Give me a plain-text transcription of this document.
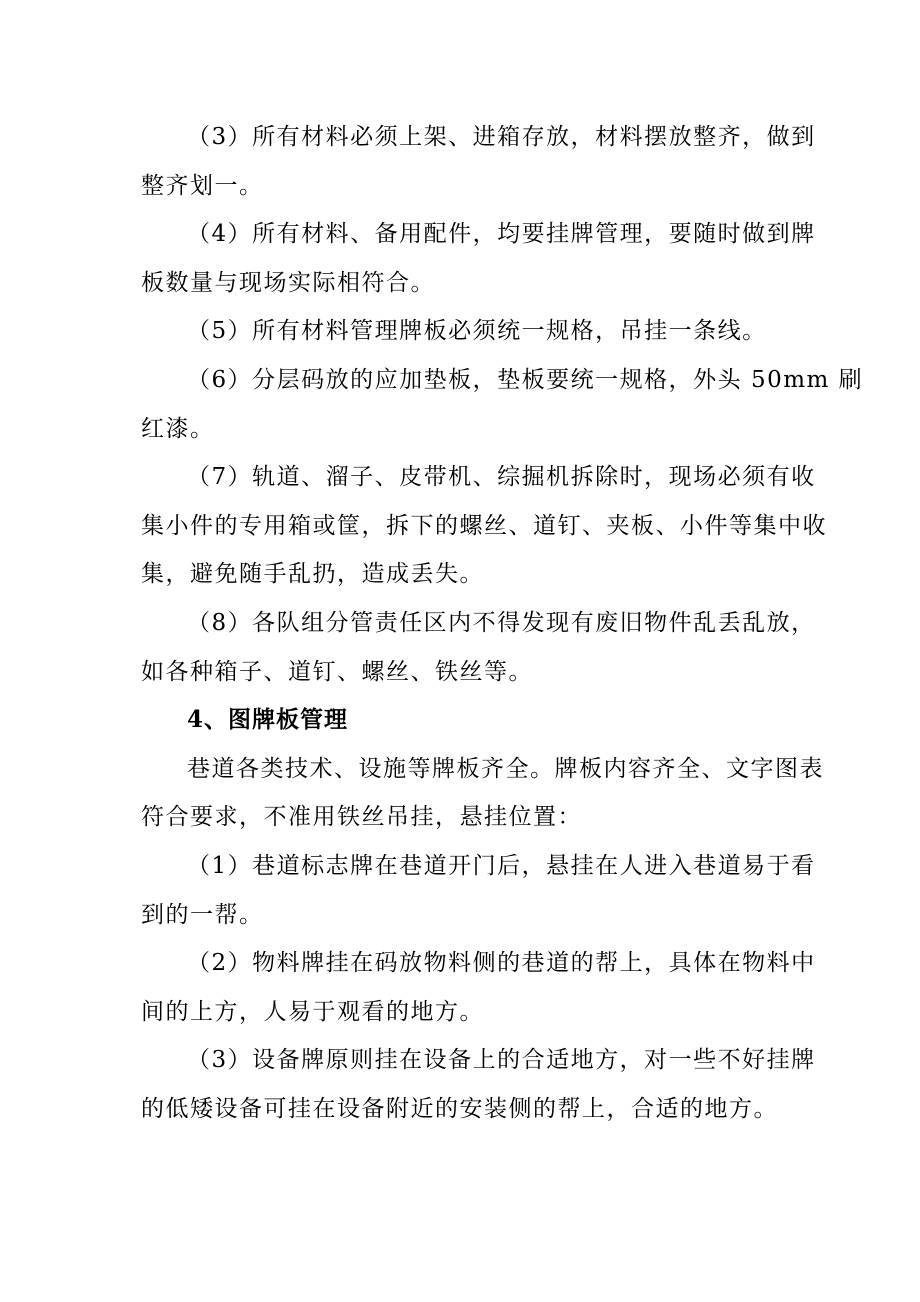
（3）所有材料必须上架、进箱存放，材料摆放整齐，做到
整齐划一。

（4）所有材料、备用配件，均要挂牌管理，要随时做到牌
板数量与现场实际相符合。

（5）所有材料管理牌板必须统一规格，吊挂一条线。

（6）分层码放的应加垫板，垫板要统一规格，外头 50mm 刷
红漆。

（7）轨道、溜子、皮带机、综掘机拆除时，现场必须有收
集小件的专用箱或筐，拆下的螺丝、道钉、夹板、小件等集中收
集，避免随手乱扔，造成丢失。

（8）各队组分管责任区内不得发现有废旧物件乱丢乱放，
如各种箱子、道钉、螺丝、铁丝等。

4、图牌板管理

巷道各类技术、设施等牌板齐全。牌板内容齐全、文字图表
符合要求，不准用铁丝吊挂，悬挂位置：

（1）巷道标志牌在巷道开门后，悬挂在人进入巷道易于看
到的一帮。

（2）物料牌挂在码放物料侧的巷道的帮上，具体在物料中
间的上方，人易于观看的地方。

（3）设备牌原则挂在设备上的合适地方，对一些不好挂牌
的低矮设备可挂在设备附近的安装侧的帮上，合适的地方。
